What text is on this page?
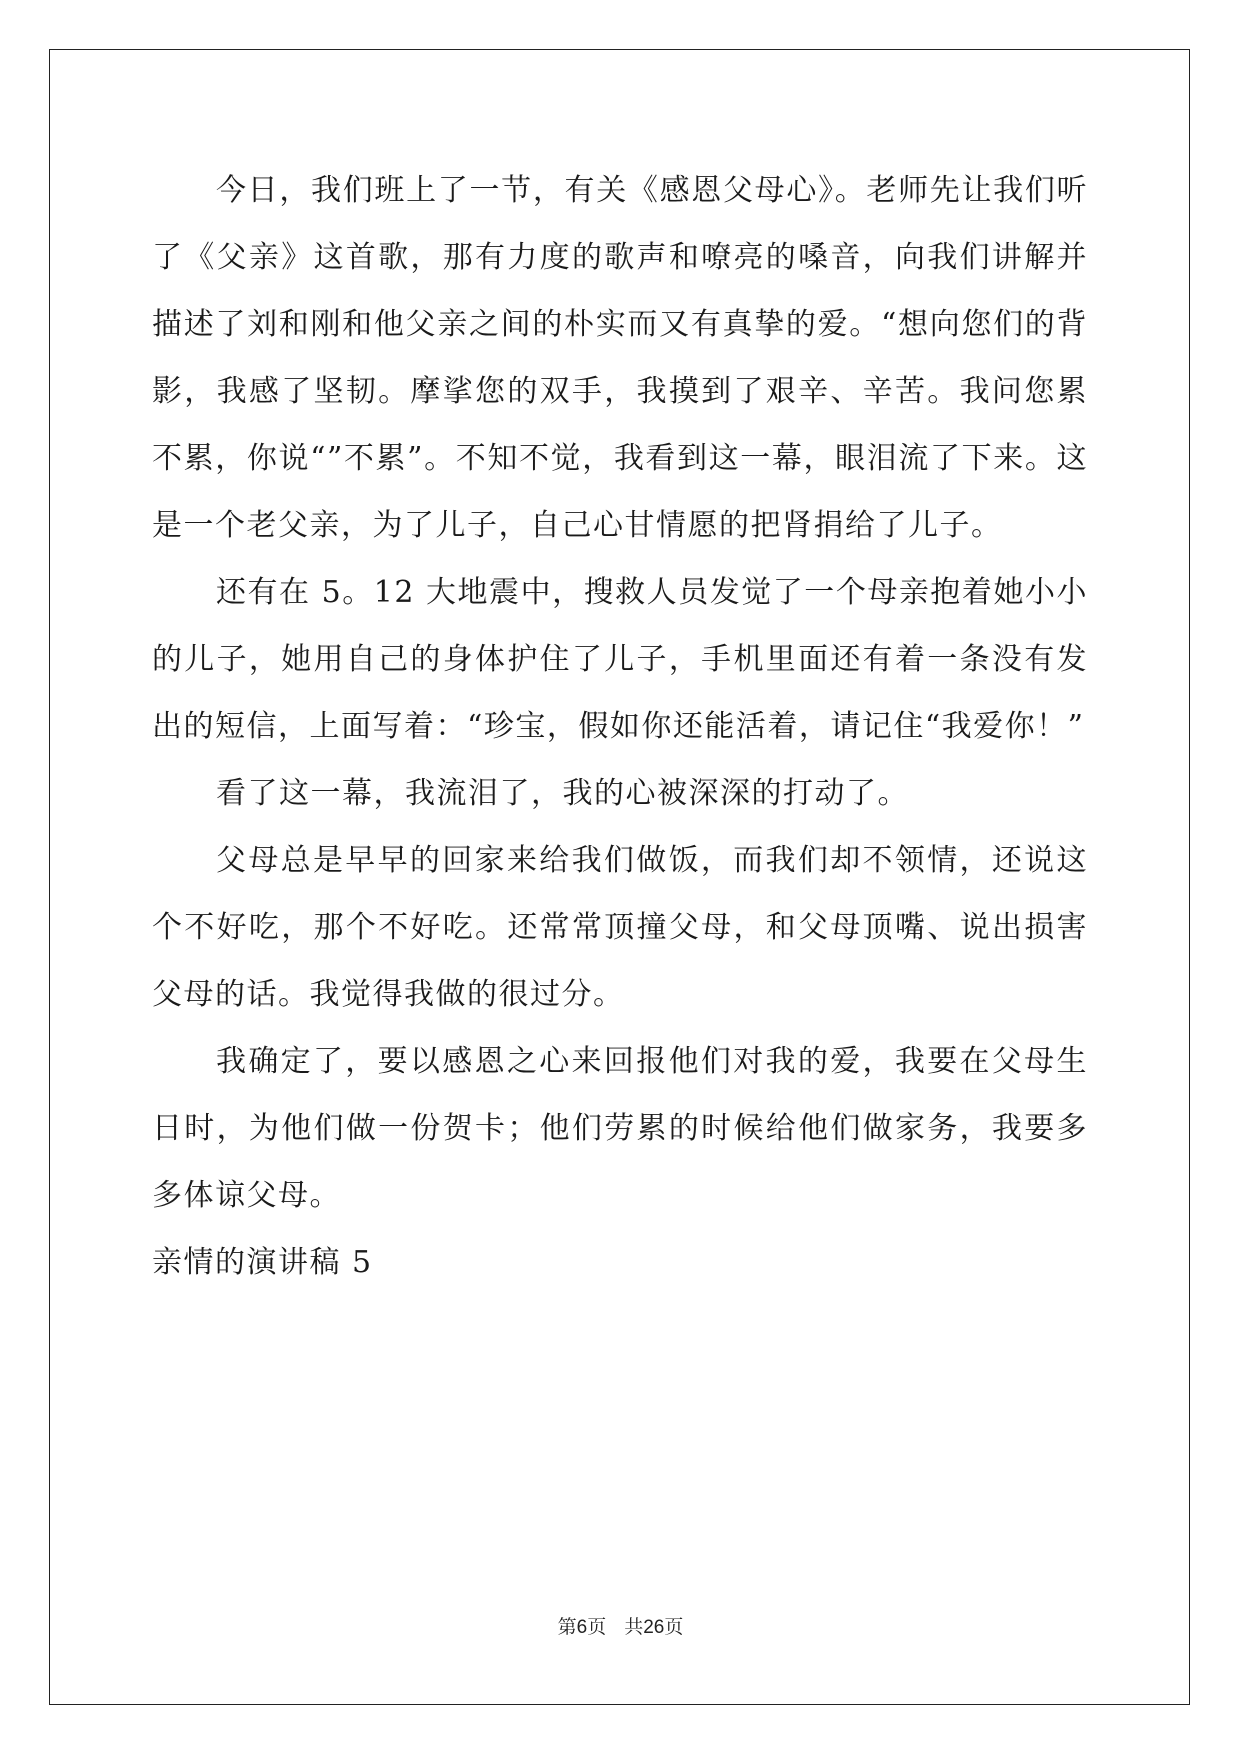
今日，我们班上了一节，有关《感恩父母心》。老师先让我们听了《父亲》这首歌，那有力度的歌声和嘹亮的嗓音，向我们讲解并描述了刘和刚和他父亲之间的朴实而又有真挚的爱。“想向您们的背影，我感了坚韧。摩挲您的双手，我摸到了艰辛、辛苦。我问您累不累，你说“”不累”。不知不觉，我看到这一幕，眼泪流了下来。这是一个老父亲，为了儿子，自己心甘情愿的把肾捐给了儿子。

还有在 5。12 大地震中，搜救人员发觉了一个母亲抱着她小小的儿子，她用自己的身体护住了儿子，手机里面还有着一条没有发出的短信，上面写着：“珍宝，假如你还能活着，请记住“我爱你！”

看了这一幕，我流泪了，我的心被深深的打动了。

父母总是早早的回家来给我们做饭，而我们却不领情，还说这个不好吃，那个不好吃。还常常顶撞父母，和父母顶嘴、说出损害父母的话。我觉得我做的很过分。

我确定了，要以感恩之心来回报他们对我的爱，我要在父母生日时，为他们做一份贺卡；他们劳累的时候给他们做家务，我要多多体谅父母。

亲情的演讲稿 5

第6页 共26页
